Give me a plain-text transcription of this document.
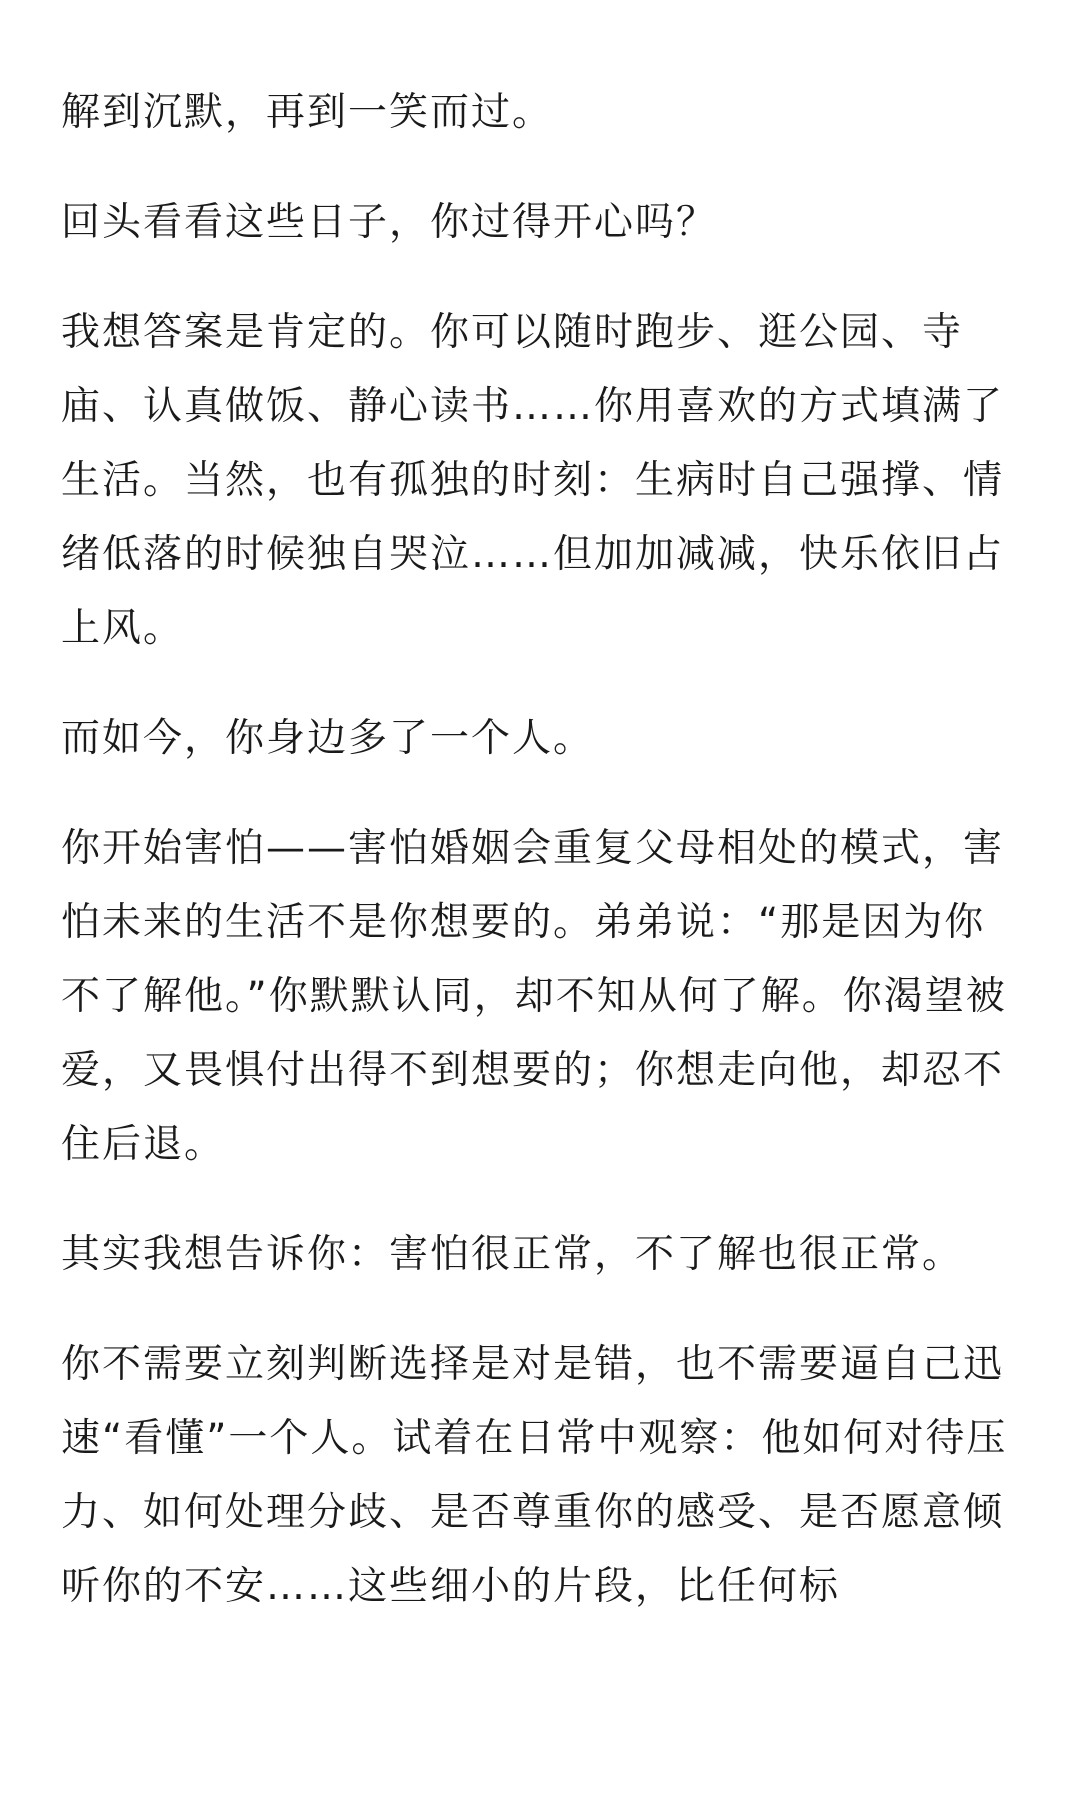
解到沉默，再到一笑而过。

回头看看这些日子，你过得开心吗？

我想答案是肯定的。你可以随时跑步、逛公园、寺庙、认真做饭、静心读书……你用喜欢的方式填满了生活。当然，也有孤独的时刻：生病时自己强撑、情绪低落的时候独自哭泣……但加加减减，快乐依旧占上风。

而如今，你身边多了一个人。

你开始害怕——害怕婚姻会重复父母相处的模式，害怕未来的生活不是你想要的。弟弟说：“那是因为你不了解他。”你默默认同，却不知从何了解。你渴望被爱，又畏惧付出得不到想要的；你想走向他，却忍不住后退。

其实我想告诉你：害怕很正常，不了解也很正常。

你不需要立刻判断选择是对是错，也不需要逼自己迅速“看懂”一个人。试着在日常中观察：他如何对待压力、如何处理分歧、是否尊重你的感受、是否愿意倾听你的不安……这些细小的片段，比任何标
